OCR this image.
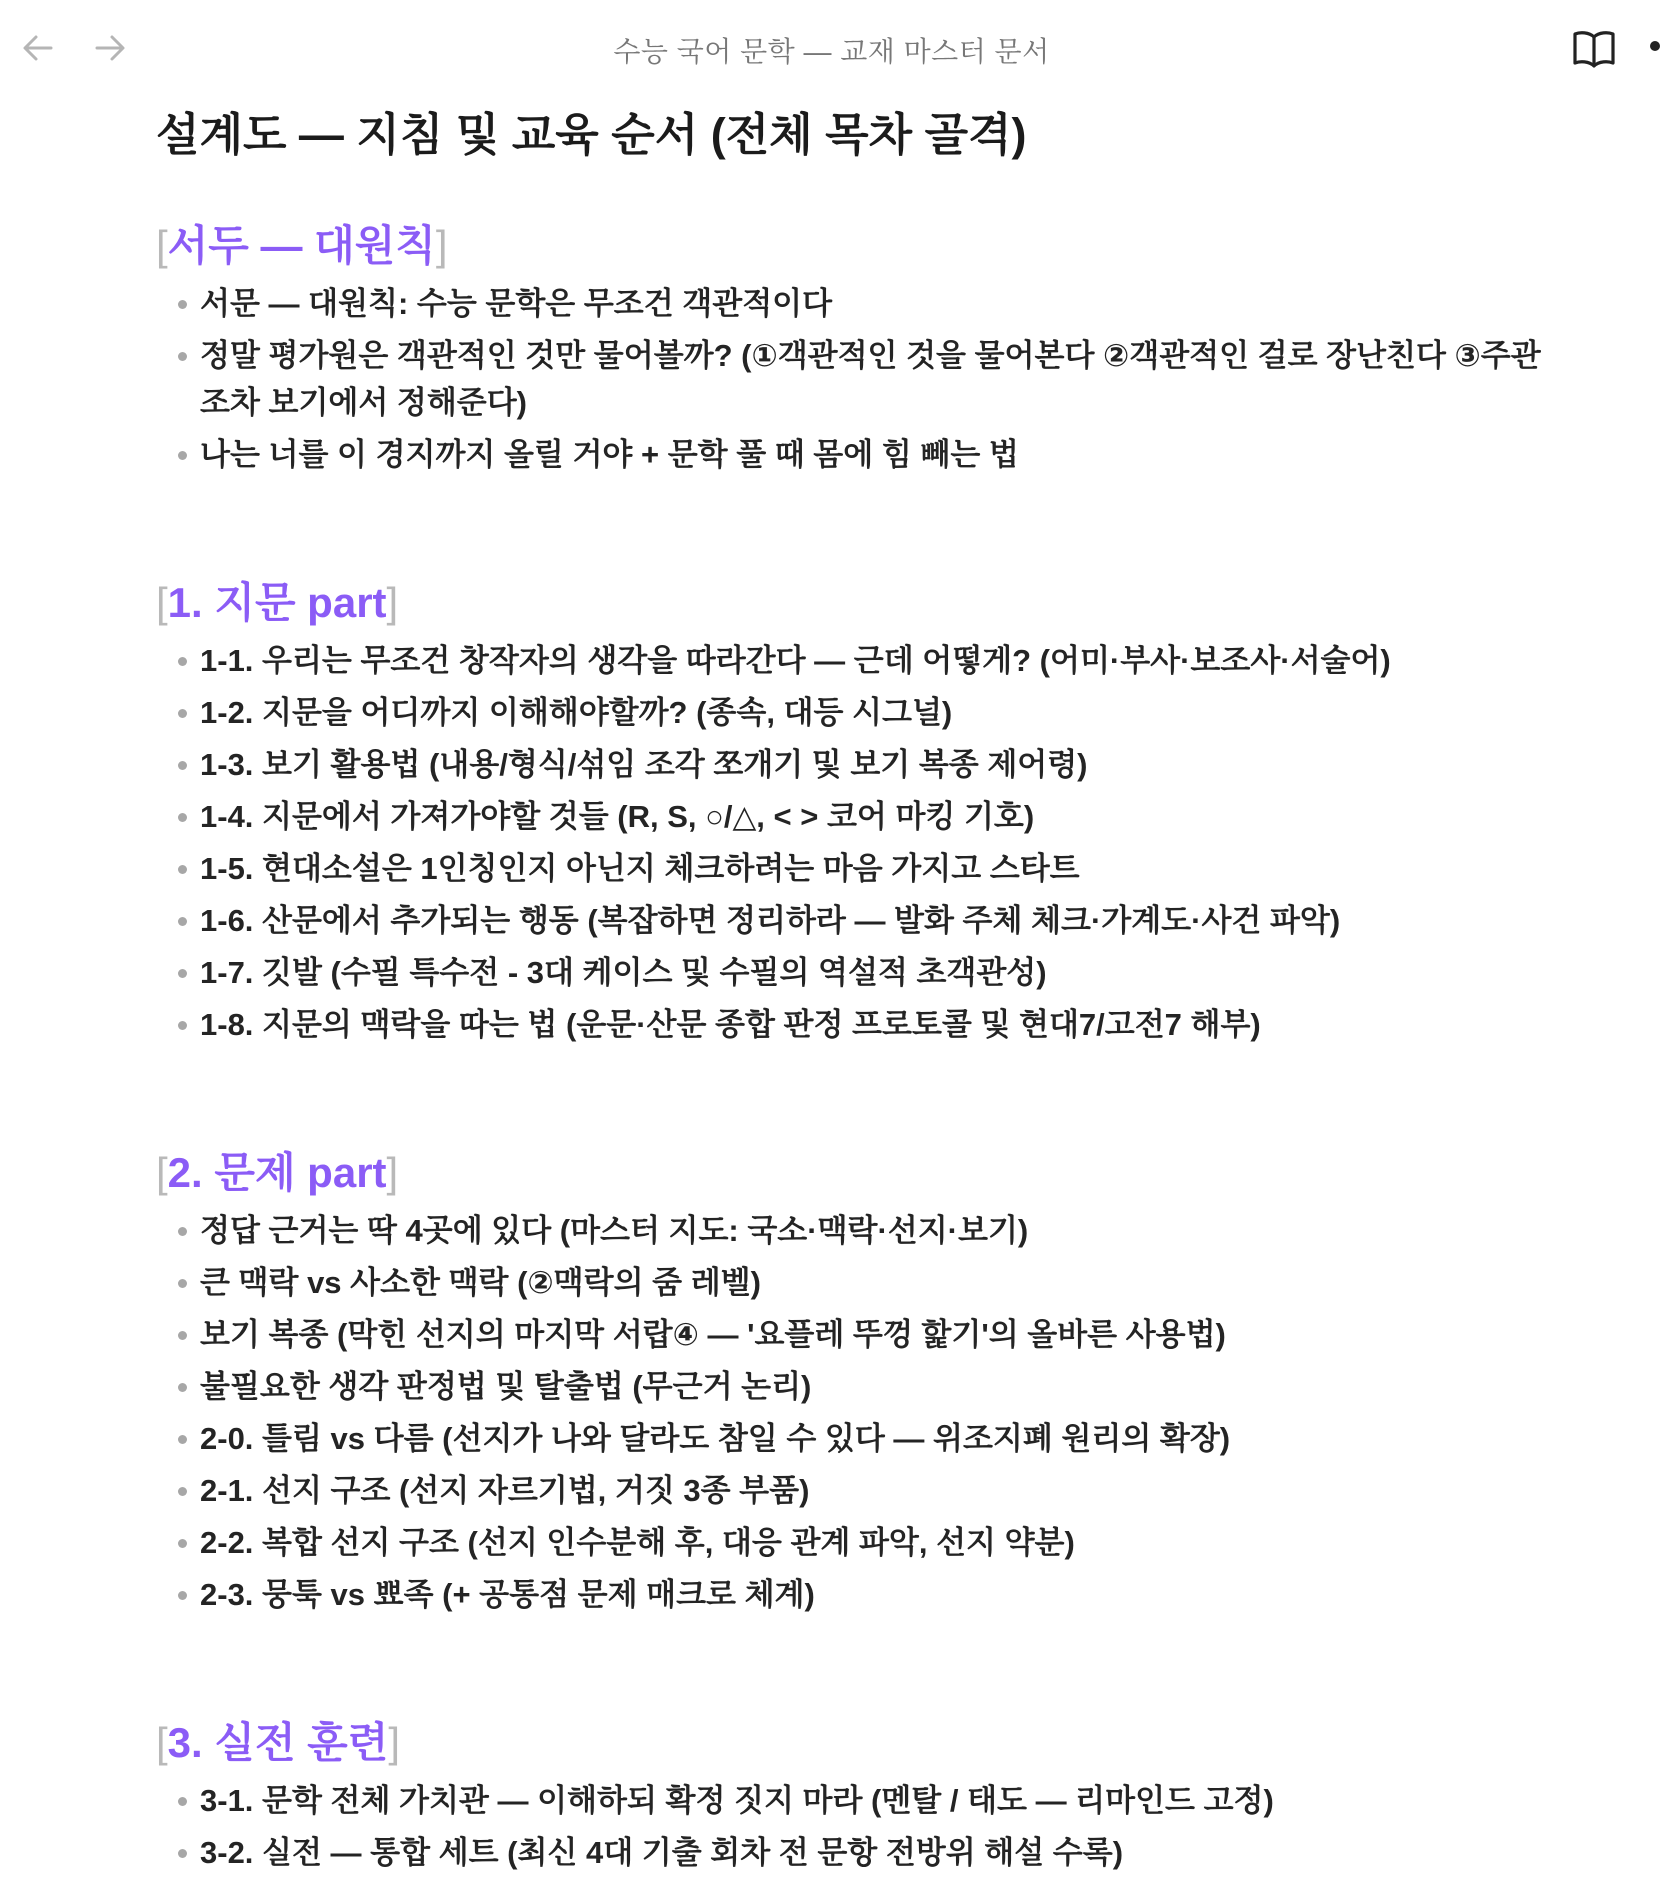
수능 국어 문학 — 교재 마스터 문서
설계도 — 지침 및 교육 순서 (전체 목차 골격)
[서두 — 대원칙]
서문 — 대원칙: 수능 문학은 무조건 객관적이다
정말 평가원은 객관적인 것만 물어볼까? (①객관적인 것을 물어본다 ②객관적인 걸로 장난친다 ③주관조차 보기에서 정해준다)
나는 너를 이 경지까지 올릴 거야 + 문학 풀 때 몸에 힘 빼는 법
[1. 지문 part]
1-1. 우리는 무조건 창작자의 생각을 따라간다 — 근데 어떻게? (어미·부사·보조사·서술어)
1-2. 지문을 어디까지 이해해야할까? (종속, 대등 시그널)
1-3. 보기 활용법 (내용/형식/섞임 조각 쪼개기 및 보기 복종 제어령)
1-4. 지문에서 가져가야할 것들 (R, S, ○/△, < > 코어 마킹 기호)
1-5. 현대소설은 1인칭인지 아닌지 체크하려는 마음 가지고 스타트
1-6. 산문에서 추가되는 행동 (복잡하면 정리하라 — 발화 주체 체크·가계도·사건 파악)
1-7. 깃발 (수필 특수전 - 3대 케이스 및 수필의 역설적 초객관성)
1-8. 지문의 맥락을 따는 법 (운문·산문 종합 판정 프로토콜 및 현대7/고전7 해부)
[2. 문제 part]
정답 근거는 딱 4곳에 있다 (마스터 지도: 국소·맥락·선지·보기)
큰 맥락 vs 사소한 맥락 (②맥락의 줌 레벨)
보기 복종 (막힌 선지의 마지막 서랍④ — '요플레 뚜껑 핥기'의 올바른 사용법)
불필요한 생각 판정법 및 탈출법 (무근거 논리)
2-0. 틀림 vs 다름 (선지가 나와 달라도 참일 수 있다 — 위조지폐 원리의 확장)
2-1. 선지 구조 (선지 자르기법, 거짓 3종 부품)
2-2. 복합 선지 구조 (선지 인수분해 후, 대응 관계 파악, 선지 약분)
2-3. 뭉툭 vs 뾰족 (+ 공통점 문제 매크로 체계)
[3. 실전 훈련]
3-1. 문학 전체 가치관 — 이해하되 확정 짓지 마라 (멘탈 / 태도 — 리마인드 고정)
3-2. 실전 — 통합 세트 (최신 4대 기출 회차 전 문항 전방위 해설 수록)
